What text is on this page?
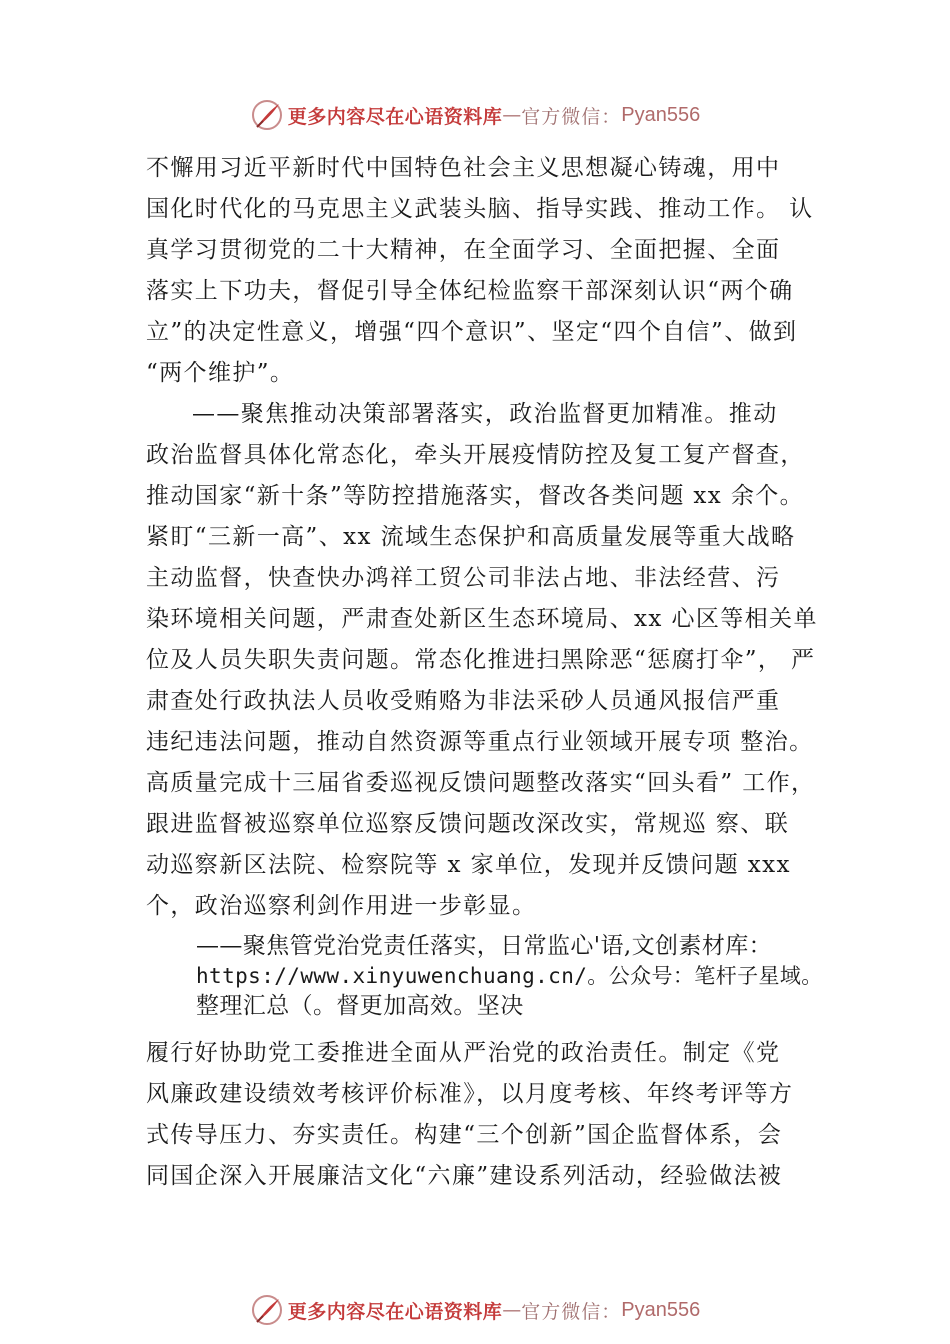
更多内容尽在心语资料库 — 官方微信： Pyan556
不懈用习近平新时代中国特色社会主义思想凝心铸魂，用中
国化时代化的马克思主义武装头脑、指导实践、推动工作。 认
真学习贯彻党的二十大精神，在全面学习、全面把握、全面
落实上下功夫，督促引导全体纪检监察干部深刻认识“两个确
立”的决定性意义，增强“四个意识”、坚定“四个自信”、做到
“两个维护”。
——聚焦推动决策部署落实，政治监督更加精准。推动
政治监督具体化常态化，牵头开展疫情防控及复工复产督查，
推动国家“新十条”等防控措施落实，督改各类问题 xx 余个。
紧盯“三新一高”、xx 流域生态保护和高质量发展等重大战略
主动监督，快查快办鸿祥工贸公司非法占地、非法经营、污
染环境相关问题，严肃查处新区生态环境局、xx 心区等相关单
位及人员失职失责问题。常态化推进扫黑除恶“惩腐打伞”， 严
肃查处行政执法人员收受贿赂为非法采砂人员通风报信严重
违纪违法问题，推动自然资源等重点行业领域开展专项 整治。
高质量完成十三届省委巡视反馈问题整改落实“回头看” 工作，
跟进监督被巡察单位巡察反馈问题改深改实，常规巡 察、联
动巡察新区法院、检察院等 x 家单位，发现并反馈问题 xxx
个，政治巡察利剑作用进一步彰显。
——聚焦管党治党责任落实，日常监心'语,文创素材库：
https://www.xinyuwenchuang.cn/。公众号：笔杆子星域。
整理汇总（。督更加高效。坚决
履行好协助党工委推进全面从严治党的政治责任。制定《党
风廉政建设绩效考核评价标准》，以月度考核、年终考评等方
式传导压力、夯实责任。构建“三个创新”国企监督体系，会
同国企深入开展廉洁文化“六廉”建设系列活动，经验做法被
更多内容尽在心语资料库 — 官方微信： Pyan556
